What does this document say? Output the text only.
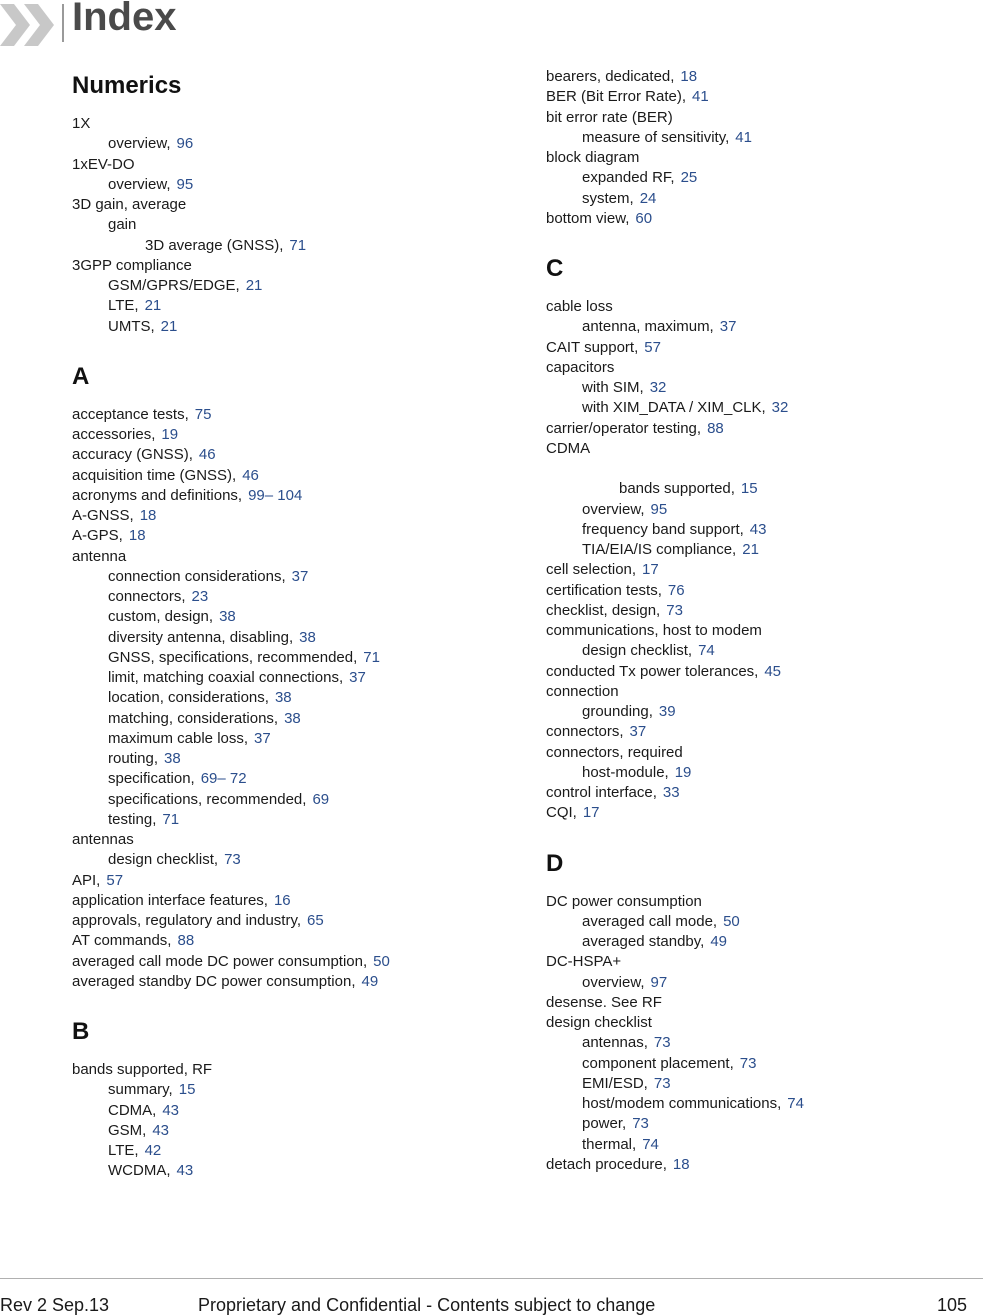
Index
Numerics
1X
overview, 96
1xEV-DO
overview, 95
3D gain, average
gain
3D average (GNSS), 71
3GPP compliance
GSM/GPRS/EDGE, 21
LTE, 21
UMTS, 21
A
acceptance tests, 75
accessories, 19
accuracy (GNSS), 46
acquisition time (GNSS), 46
acronyms and definitions, 99– 104
A-GNSS, 18
A-GPS, 18
antenna
connection considerations, 37
connectors, 23
custom, design, 38
diversity antenna, disabling, 38
GNSS, specifications, recommended, 71
limit, matching coaxial connections, 37
location, considerations, 38
matching, considerations, 38
maximum cable loss, 37
routing, 38
specification, 69– 72
specifications, recommended, 69
testing, 71
antennas
design checklist, 73
API, 57
application interface features, 16
approvals, regulatory and industry, 65
AT commands, 88
averaged call mode DC power consumption, 50
averaged standby DC power consumption, 49
B
bands supported, RF
summary, 15
CDMA, 43
GSM, 43
LTE, 42
WCDMA, 43
bearers, dedicated, 18
BER (Bit Error Rate), 41
bit error rate (BER)
measure of sensitivity, 41
block diagram
expanded RF, 25
system, 24
bottom view, 60
C
cable loss
antenna, maximum, 37
CAIT support, 57
capacitors
with SIM, 32
with XIM_DATA / XIM_CLK, 32
carrier/operator testing, 88
CDMA
bands supported, 15
overview, 95
frequency band support, 43
TIA/EIA/IS compliance, 21
cell selection, 17
certification tests, 76
checklist, design, 73
communications, host to modem
design checklist, 74
conducted Tx power tolerances, 45
connection
grounding, 39
connectors, 37
connectors, required
host-module, 19
control interface, 33
CQI, 17
D
DC power consumption
averaged call mode, 50
averaged standby, 49
DC-HSPA+
overview, 97
desense. See RF
design checklist
antennas, 73
component placement, 73
EMI/ESD, 73
host/modem communications, 74
power, 73
thermal, 74
detach procedure, 18
Rev 2 Sep.13	Proprietary and Confidential - Contents subject to change	105
